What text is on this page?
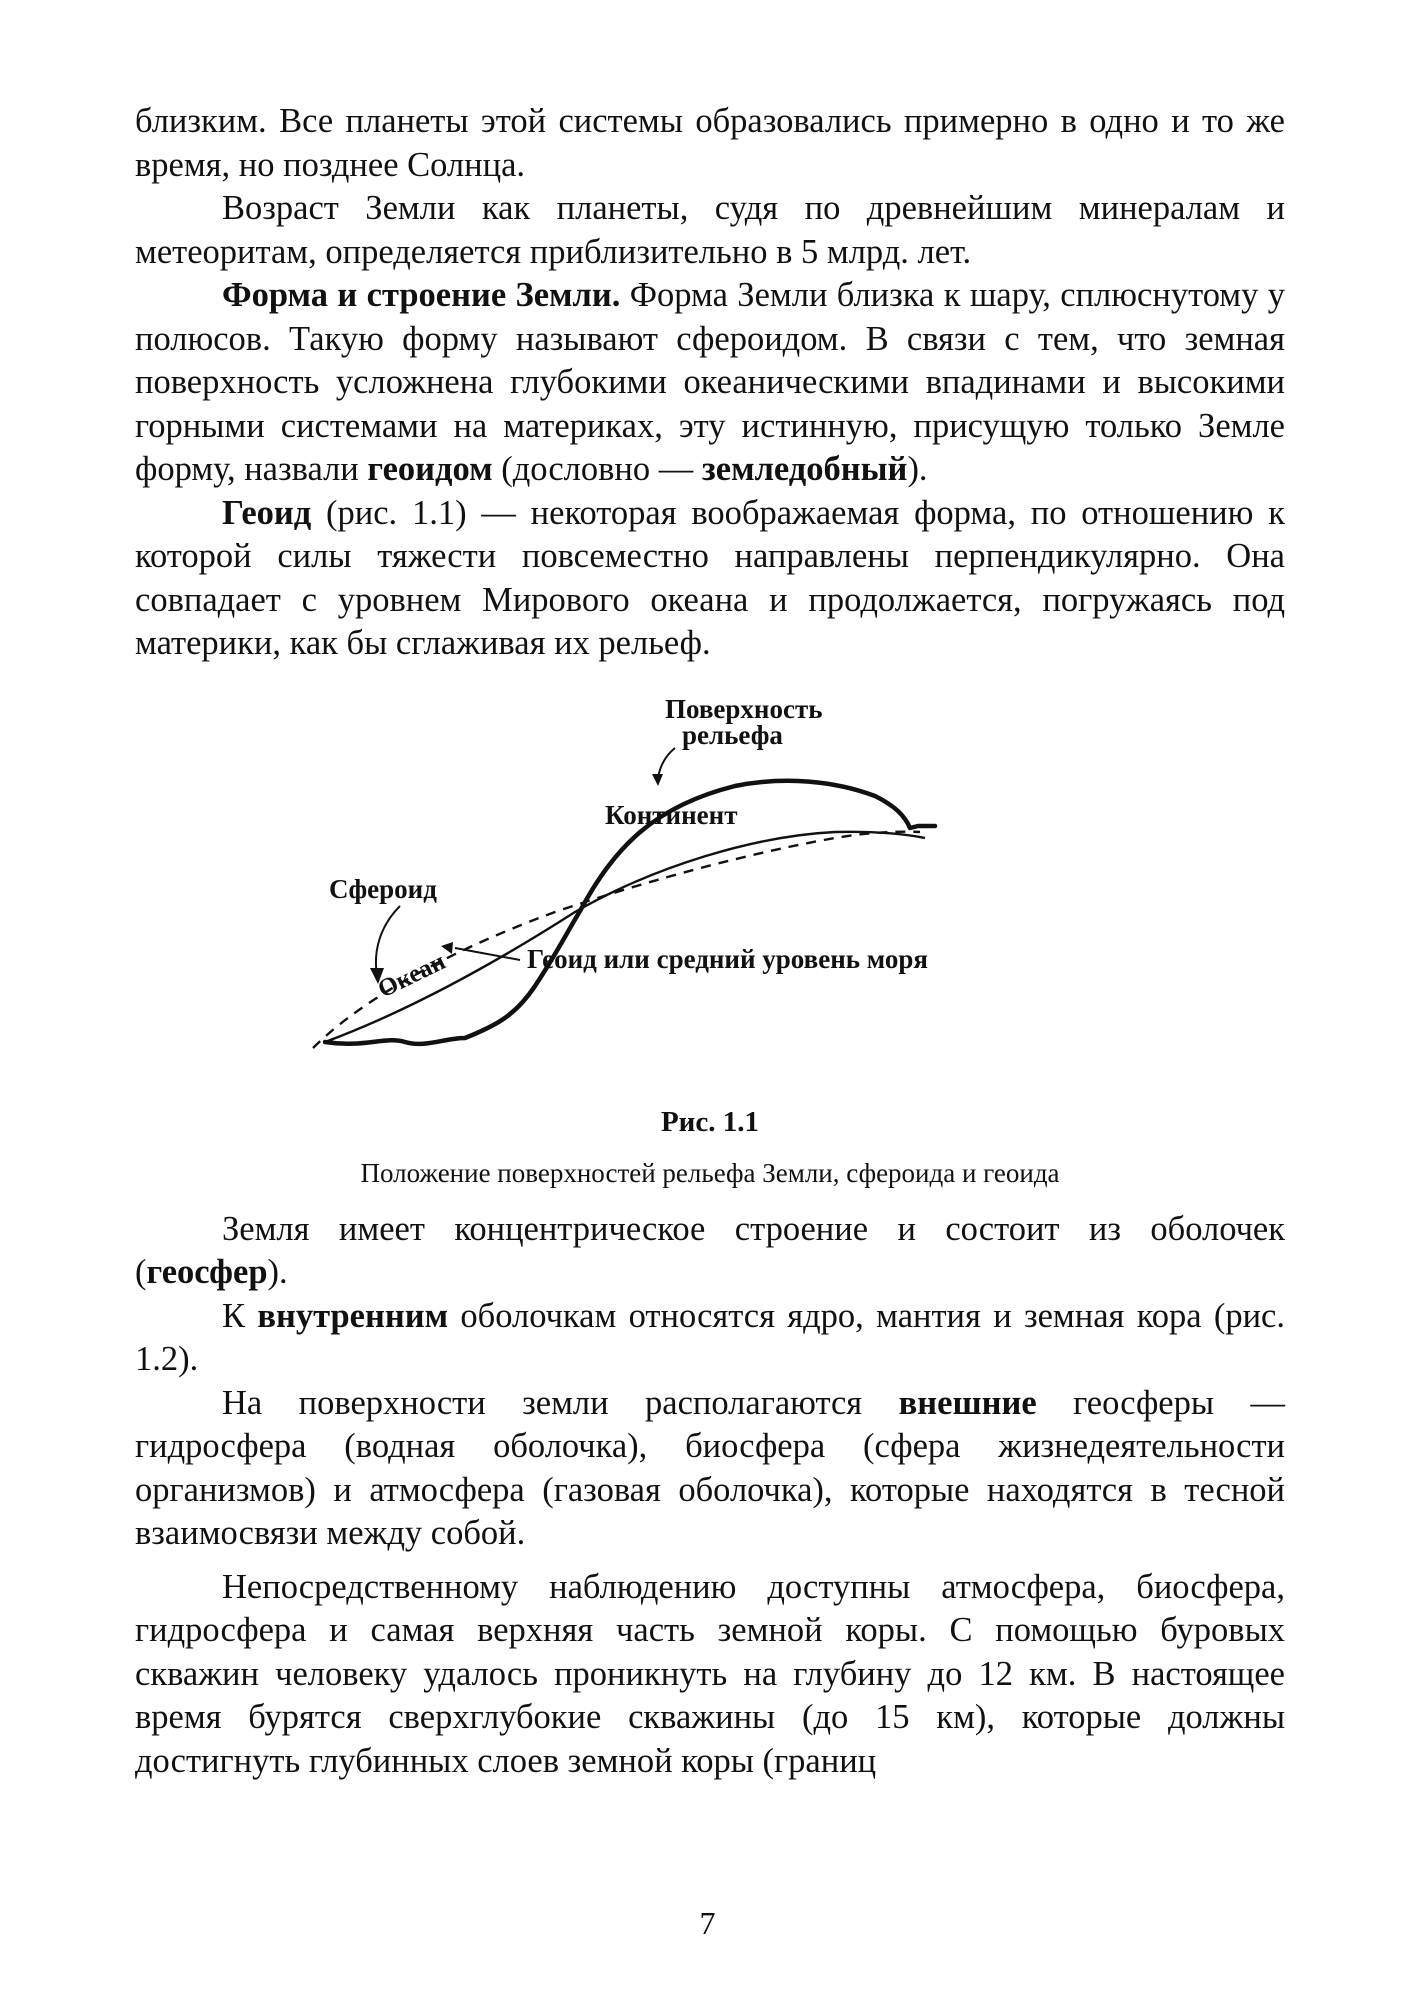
близким. Все планеты этой системы образовались примерно в одно и то же время, но позднее Солнца.

Возраст Земли как планеты, судя по древнейшим минералам и метеоритам, определяется приблизительно в 5 млрд. лет.

Форма и строение Земли. Форма Земли близка к шару, сплюснутому у полюсов. Такую форму называют сфероидом. В связи с тем, что земная поверхность усложнена глубокими океаническими впадинами и высокими горными системами на материках, эту истинную, присущую только Земле форму, назвали геоидом (дословно — земледобный).

Геоид (рис. 1.1) — некоторая воображаемая форма, по отношению к которой силы тяжести повсеместно направлены перпендикулярно. Она совпадает с уровнем Мирового океана и продолжается, погружаясь под материки, как бы сглаживая их рельеф.

Поверхность
рельефа
Континент
Сфероид
Океан	Геоид или средний уровень моря
Рис. 1.1
Положение поверхностей рельефа Земли, сфероида и геоида

Земля имеет концентрическое строение и состоит из оболочек (геосфер).

К внутренним оболочкам относятся ядро, мантия и земная кора (рис. 1.2).

На поверхности земли располагаются внешние геосферы — гидросфера (водная оболочка), биосфера (сфера жизнедеятельности организмов) и атмосфера (газовая оболочка), которые находятся в тесной взаимосвязи между собой.

Непосредственному наблюдению доступны атмосфера, биосфера, гидросфера и самая верхняя часть земной коры. С помощью буровых скважин человеку удалось проникнуть на глубину до 12 км. В настоящее время бурятся сверхглубокие скважины (до 15 км), которые должны достигнуть глубинных слоев земной коры (границ

7
